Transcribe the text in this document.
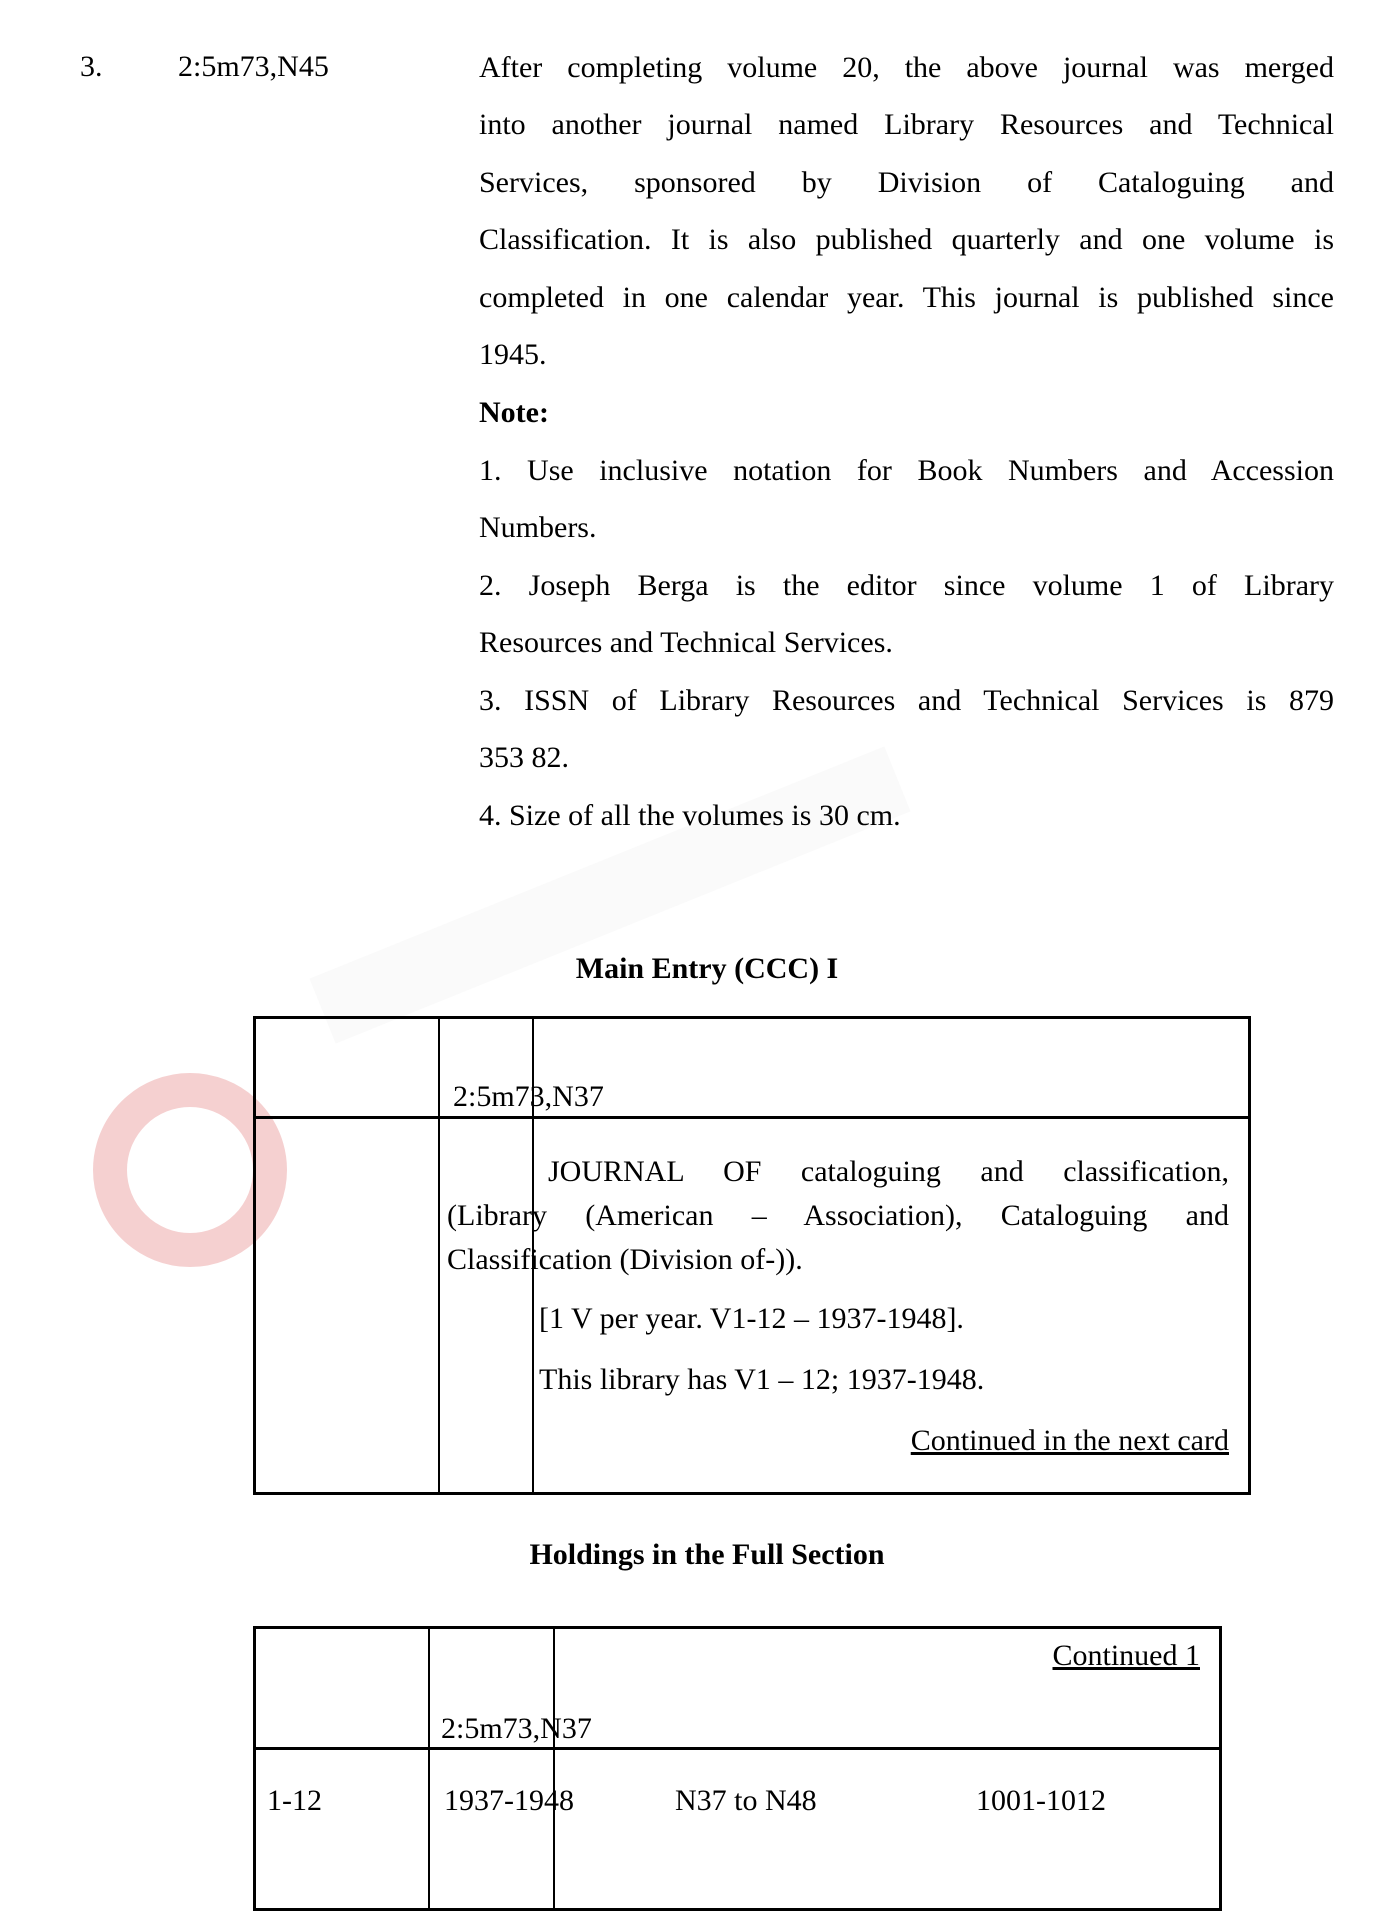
3.	2:5m73,N45	After completing volume 20, the above journal was merged
into another journal named Library Resources and Technical
Services, sponsored by Division of Cataloguing and
Classification. It is also published quarterly and one volume is
completed in one calendar year. This journal is published since
1945.
Note:
1. Use inclusive notation for Book Numbers and Accession
Numbers.
2. Joseph Berga is the editor since volume 1 of Library
Resources and Technical Services.
3. ISSN of Library Resources and Technical Services is 879
353 82.
4. Size of all the volumes is 30 cm.
Main Entry (CCC) I
2:5m73,N37
JOURNAL OF cataloguing and classification,
(Library (American – Association), Cataloguing and
Classification (Division of-)).
[1 V per year. V1-12 – 1937-1948].
This library has V1 – 12; 1937-1948.
Continued in the next card
Holdings in the Full Section
Continued 1
2:5m73,N37
1-12	1937-1948	N37 to N48	1001-1012
